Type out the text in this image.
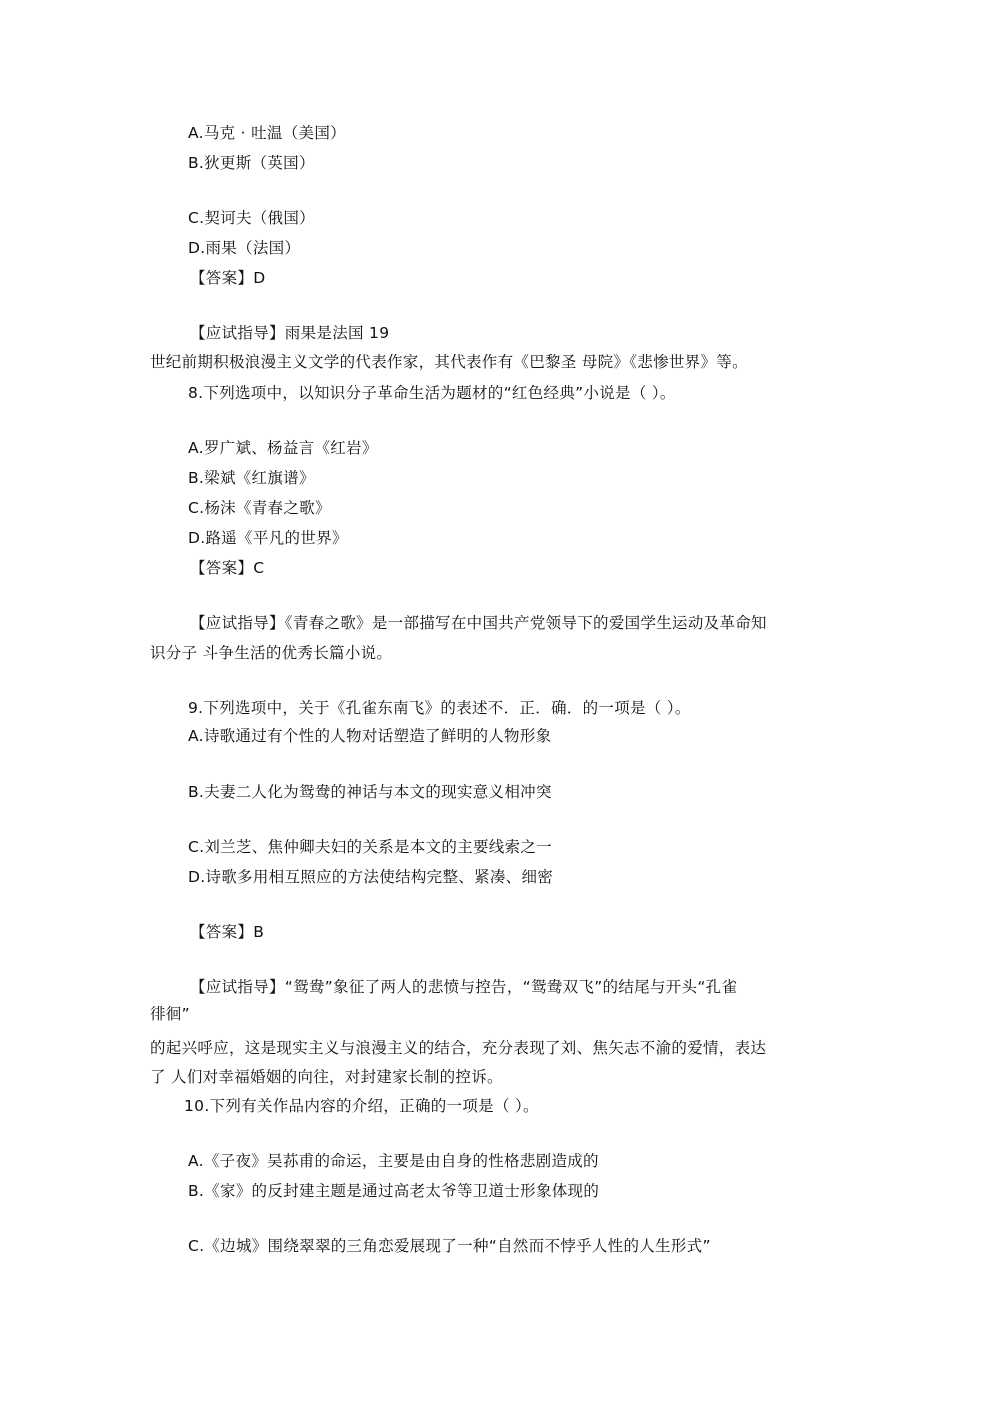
A.马克 · 吐温（美国）
B.狄更斯（英国）
C.契诃夫（俄国）
D.雨果（法国）
【答案】D
【应试指导】雨果是法国 19
世纪前期积极浪漫主义文学的代表作家，其代表作有《巴黎圣 母院》《悲惨世界》等。
8.下列选项中，以知识分子革命生活为题材的“红色经典”小说是（ ）。
A.罗广斌、杨益言《红岩》
B.梁斌《红旗谱》
C.杨沫《青春之歌》
D.路遥《平凡的世界》
【答案】C
【应试指导】《青春之歌》是一部描写在中国共产党领导下的爱国学生运动及革命知
识分子 斗争生活的优秀长篇小说。
9.下列选项中，关于《孔雀东南飞》的表述不．正．确．的一项是（ ）。
A.诗歌通过有个性的人物对话塑造了鲜明的人物形象
B.夫妻二人化为鸳鸯的神话与本文的现实意义相冲突
C.刘兰芝、焦仲卿夫妇的关系是本文的主要线索之一
D.诗歌多用相互照应的方法使结构完整、紧凑、细密
【答案】B
【应试指导】“鸳鸯”象征了两人的悲愤与控告，“鸳鸯双飞”的结尾与开头“孔雀
徘徊”
的起兴呼应，这是现实主义与浪漫主义的结合，充分表现了刘、焦矢志不渝的爱情，表达
了 人们对幸福婚姻的向往，对封建家长制的控诉。
10.下列有关作品内容的介绍，正确的一项是（ ）。
A.《子夜》吴荪甫的命运，主要是由自身的性格悲剧造成的
B.《家》的反封建主题是通过高老太爷等卫道士形象体现的
C.《边城》围绕翠翠的三角恋爱展现了一种“自然而不悖乎人性的人生形式”
